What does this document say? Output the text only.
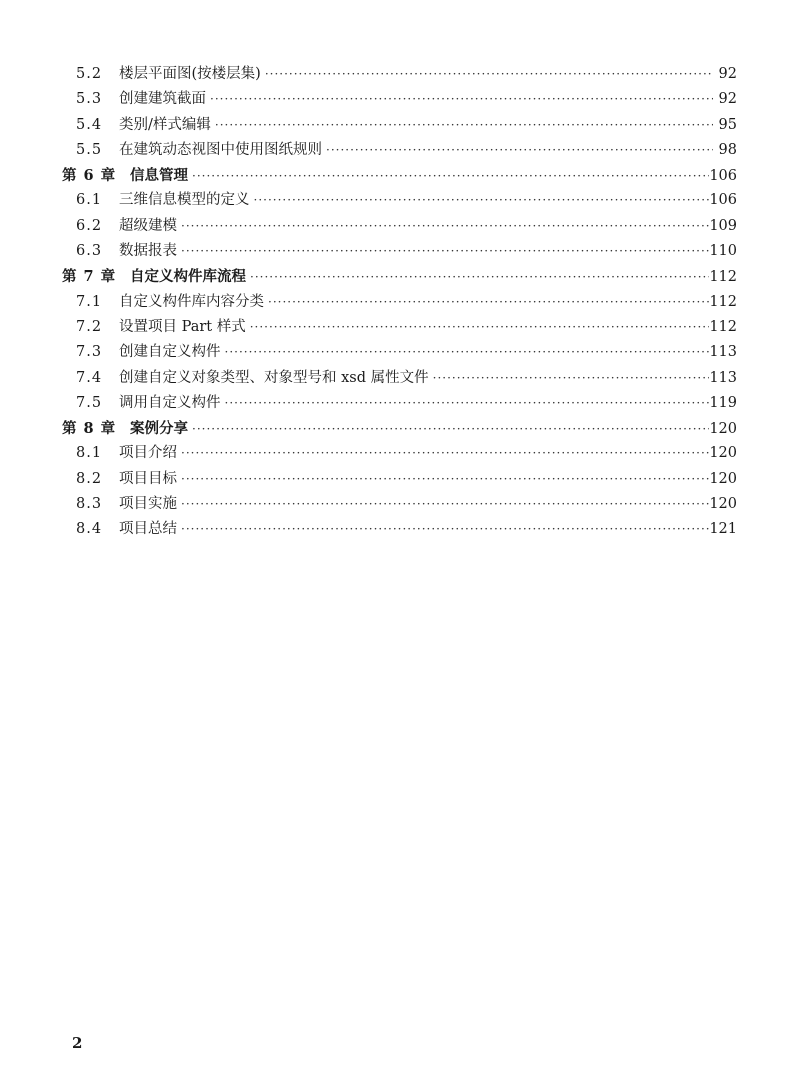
5.2	楼层平面图(按楼层集) ·····	92
5.3	创建建筑截面 ·····	92
5.4	类别/样式编辑 ·····	95
5.5	在建筑动态视图中使用图纸规则 ·····	98
第 6 章 信息管理 ·····	106
6.1	三维信息模型的定义 ·····	106
6.2	超级建模 ·····	109
6.3	数据报表 ·····	110
第 7 章 自定义构件库流程 ·····	112
7.1	自定义构件库内容分类 ·····	112
7.2	设置项目 Part 样式 ·····	112
7.3	创建自定义构件 ·····	113
7.4	创建自定义对象类型、对象型号和 xsd 属性文件 ·····	113
7.5	调用自定义构件 ·····	119
第 8 章 案例分享 ·····	120
8.1	项目介绍 ·····	120
8.2	项目目标 ·····	120
8.3	项目实施 ·····	120
8.4	项目总结 ·····	121
2
